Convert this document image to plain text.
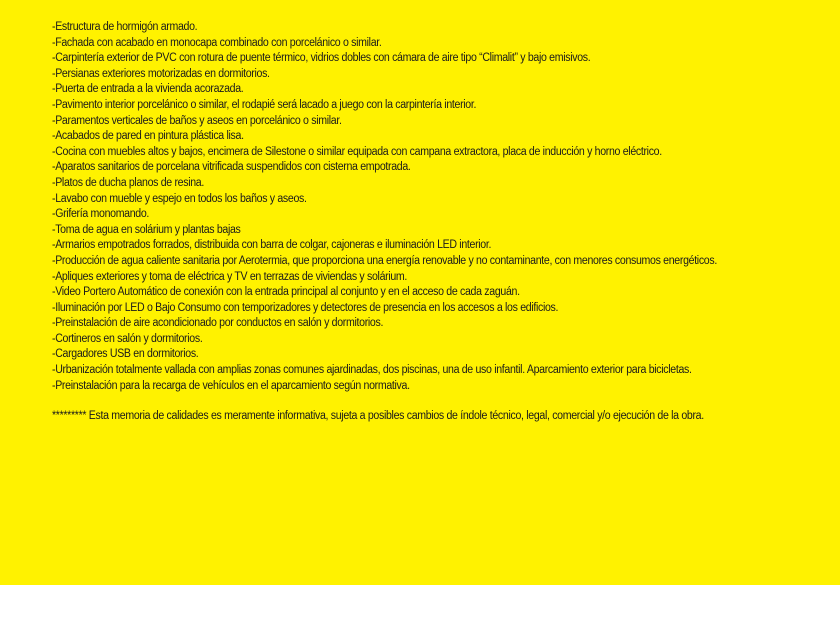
-Estructura de hormigón armado.
-Fachada con acabado en monocapa combinado con porcelánico o similar.
-Carpintería exterior de PVC con rotura de puente térmico, vidrios dobles con cámara de aire tipo “Climalit” y bajo emisivos.
-Persianas exteriores motorizadas en dormitorios.
-Puerta de entrada a la vivienda acorazada.
-Pavimento interior porcelánico o similar, el rodapié será lacado a juego con la carpintería interior.
-Paramentos verticales de baños y aseos en porcelánico o similar.
-Acabados de pared en pintura plástica lisa.
-Cocina con muebles altos y bajos, encimera de Silestone o similar equipada con campana extractora, placa de inducción y horno eléctrico.
-Aparatos sanitarios de porcelana vitrificada suspendidos con cisterna empotrada.
-Platos de ducha planos de resina.
-Lavabo con mueble y espejo en todos los baños y aseos.
-Grifería monomando.
-Toma de agua en solárium y plantas bajas
-Armarios empotrados forrados, distribuida con barra de colgar, cajoneras e iluminación LED interior.
-Producción de agua caliente sanitaria por Aerotermia, que proporciona una energía renovable y no contaminante, con menores consumos energéticos.
-Apliques exteriores y toma de eléctrica y TV en terrazas de viviendas y solárium.
-Video Portero Automático de conexión con la entrada principal al conjunto y en el acceso de cada zaguán.
-Iluminación por LED o Bajo Consumo con temporizadores y detectores de presencia en los accesos a los edificios.
-Preinstalación de aire acondicionado por conductos en salón y dormitorios.
-Cortineros en salón y dormitorios.
-Cargadores USB en dormitorios.
-Urbanización totalmente vallada con amplias zonas comunes ajardinadas, dos piscinas, una de uso infantil. Aparcamiento exterior para bicicletas.
-Preinstalación para la recarga de vehículos en el aparcamiento según normativa.

********* Esta memoria de calidades es meramente informativa, sujeta a posibles cambios de índole técnico, legal, comercial y/o ejecución de la obra.
